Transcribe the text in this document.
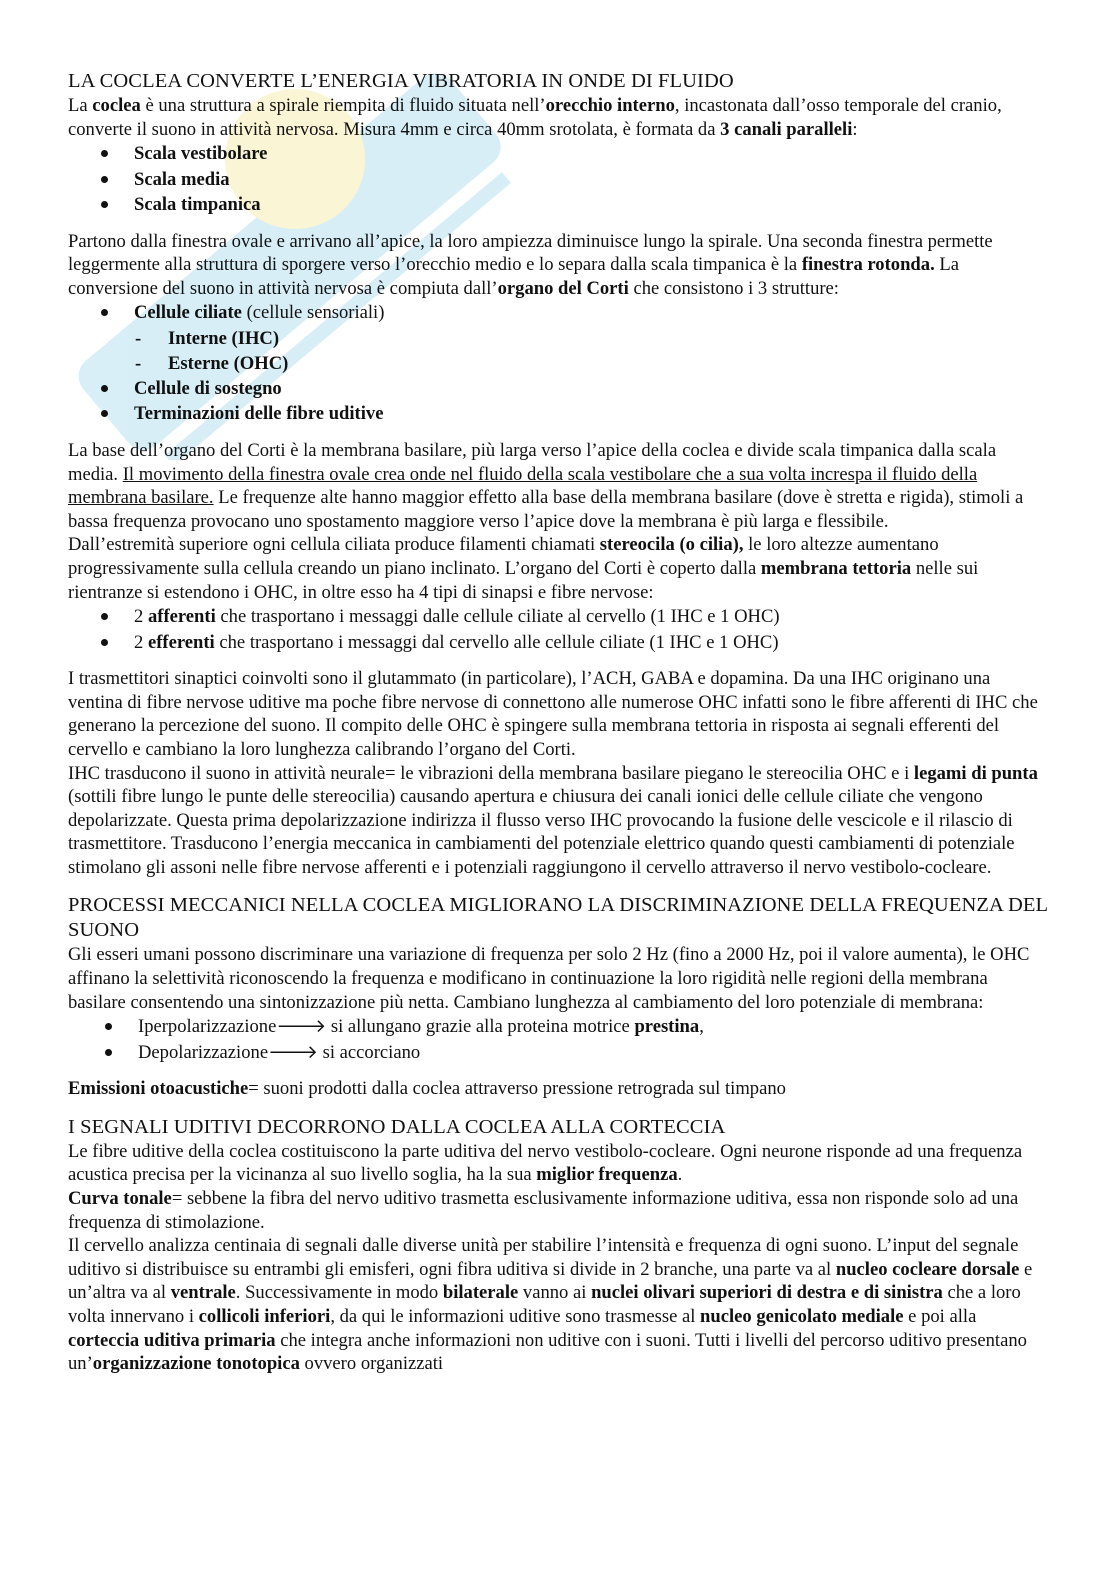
LA COCLEA CONVERTE L’ENERGIA VIBRATORIA IN ONDE DI FLUIDO

La coclea è una struttura a spirale riempita di fluido situata nell’orecchio interno, incastonata dall’osso temporale del cranio, converte il suono in attività nervosa. Misura 4mm e circa 40mm srotolata, è formata da 3 canali paralleli:

Scala vestibolare
Scala media
Scala timpanica

Partono dalla finestra ovale e arrivano all’apice, la loro ampiezza diminuisce lungo la spirale. Una seconda finestra permette leggermente alla struttura di sporgere verso l’orecchio medio e lo separa dalla scala timpanica è la finestra rotonda. La conversione del suono in attività nervosa è compiuta dall’organo del Corti che consistono i 3 strutture:

Cellule ciliate (cellule sensoriali)
- Interne (IHC)
- Esterne (OHC)
Cellule di sostegno
Terminazioni delle fibre uditive

La base dell’organo del Corti è la membrana basilare, più larga verso l’apice della coclea e divide scala timpanica dalla scala media. Il movimento della finestra ovale crea onde nel fluido della scala vestibolare che a sua volta increspa il fluido della membrana basilare. Le frequenze alte hanno maggior effetto alla base della membrana basilare (dove è stretta e rigida), stimoli a bassa frequenza provocano uno spostamento maggiore verso l’apice dove la membrana è più larga e flessibile.

Dall’estremità superiore ogni cellula ciliata produce filamenti chiamati stereocila (o cilia), le loro altezze aumentano progressivamente sulla cellula creando un piano inclinato. L’organo del Corti è coperto dalla membrana tettoria nelle sui rientranze si estendono i OHC, in oltre esso ha 4 tipi di sinapsi e fibre nervose:

2 afferenti che trasportano i messaggi dalle cellule ciliate al cervello (1 IHC e 1 OHC)
2 efferenti che trasportano i messaggi dal cervello alle cellule ciliate (1 IHC e 1 OHC)

I trasmettitori sinaptici coinvolti sono il glutammato (in particolare), l’ACH, GABA e dopamina. Da una IHC originano una ventina di fibre nervose uditive ma poche fibre nervose di connettono alle numerose OHC infatti sono le fibre afferenti di IHC che generano la percezione del suono. Il compito delle OHC è spingere sulla membrana tettoria in risposta ai segnali efferenti del cervello e cambiano la loro lunghezza calibrando l’organo del Corti.

IHC trasducono il suono in attività neurale= le vibrazioni della membrana basilare piegano le stereocilia OHC e i legami di punta (sottili fibre lungo le punte delle stereocilia) causando apertura e chiusura dei canali ionici delle cellule ciliate che vengono depolarizzate. Questa prima depolarizzazione indirizza il flusso verso IHC provocando la fusione delle vescicole e il rilascio di trasmettitore. Trasducono l’energia meccanica in cambiamenti del potenziale elettrico quando questi cambiamenti di potenziale stimolano gli assoni nelle fibre nervose afferenti e i potenziali raggiungono il cervello attraverso il nervo vestibolo-cocleare.

PROCESSI MECCANICI NELLA COCLEA MIGLIORANO LA DISCRIMINAZIONE DELLA FREQUENZA DEL SUONO

Gli esseri umani possono discriminare una variazione di frequenza per solo 2 Hz (fino a 2000 Hz, poi il valore aumenta), le OHC affinano la selettività riconoscendo la frequenza e modificano in continuazione la loro rigidità nelle regioni della membrana basilare consentendo una sintonizzazione più netta. Cambiano lunghezza al cambiamento del loro potenziale di membrana:

Iperpolarizzazione🡒 si allungano grazie alla proteina motrice prestina,
Depolarizzazione🡒 si accorciano

Emissioni otoacustiche= suoni prodotti dalla coclea attraverso pressione retrograda sul timpano

I SEGNALI UDITIVI DECORRONO DALLA COCLEA ALLA CORTECCIA

Le fibre uditive della coclea costituiscono la parte uditiva del nervo vestibolo-cocleare. Ogni neurone risponde ad una frequenza acustica precisa per la vicinanza al suo livello soglia, ha la sua miglior frequenza.

Curva tonale= sebbene la fibra del nervo uditivo trasmetta esclusivamente informazione uditiva, essa non risponde solo ad una frequenza di stimolazione.

Il cervello analizza centinaia di segnali dalle diverse unità per stabilire l’intensità e frequenza di ogni suono. L’input del segnale uditivo si distribuisce su entrambi gli emisferi, ogni fibra uditiva si divide in 2 branche, una parte va al nucleo cocleare dorsale e un’altra va al ventrale. Successivamente in modo bilaterale vanno ai nuclei olivari superiori di destra e di sinistra che a loro volta innervano i collicoli inferiori, da qui le informazioni uditive sono trasmesse al nucleo genicolato mediale e poi alla corteccia uditiva primaria che integra anche informazioni non uditive con i suoni. Tutti i livelli del percorso uditivo presentano un’organizzazione tonotopica ovvero organizzati
